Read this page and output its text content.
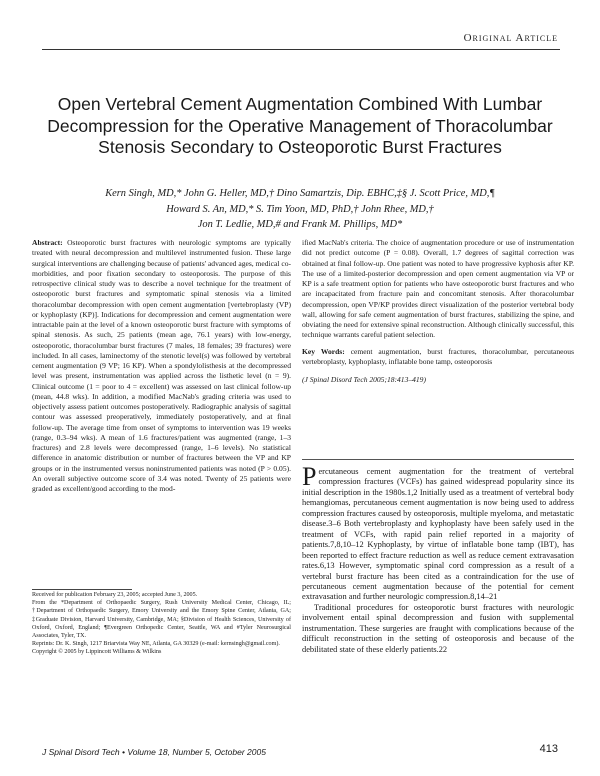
Original Article
Open Vertebral Cement Augmentation Combined With Lumbar Decompression for the Operative Management of Thoracolumbar Stenosis Secondary to Osteoporotic Burst Fractures
Kern Singh, MD,* John G. Heller, MD,† Dino Samartzis, Dip. EBHC,‡§ J. Scott Price, MD,¶
Howard S. An, MD,* S. Tim Yoon, MD, PhD,† John Rhee, MD,†
Jon T. Ledlie, MD,# and Frank M. Phillips, MD*

Abstract: Osteoporotic burst fractures with neurologic symptoms are typically treated with neural decompression and multilevel instrumented fusion. These large surgical interventions are challenging because of patients' advanced ages, medical co-morbidities, and poor fixation secondary to osteoporosis. The purpose of this retrospective clinical study was to describe a novel technique for the treatment of osteoporotic burst fractures and symptomatic spinal stenosis via a limited thoracolumbar decompression with open cement augmentation [vertebroplasty (VP) or kyphoplasty (KP)]. Indications for decompression and cement augmentation were intractable pain at the level of a known osteoporotic burst fracture with symptoms of spinal stenosis. As such, 25 patients (mean age, 76.1 years) with low-energy, osteoporotic, thoracolumbar burst fractures (7 males, 18 females; 39 fractures) were included. In all cases, laminectomy of the stenotic level(s) was followed by vertebral cement augmentation (9 VP; 16 KP). When a spondylolisthesis at the decompressed level was present, instrumentation was applied across the listhetic level (n = 9). Clinical outcome (1 = poor to 4 = excellent) was assessed on last clinical follow-up (mean, 44.8 wks). In addition, a modified MacNab's grading criteria was used to objectively assess patient outcomes postoperatively. Radiographic analysis of sagittal contour was assessed preoperatively, immediately postoperatively, and at final follow-up. The average time from onset of symptoms to intervention was 19 weeks (range, 0.3–94 wks). A mean of 1.6 fractures/patient was augmented (range, 1–3 fractures) and 2.8 levels were decompressed (range, 1–6 levels). No statistical difference in anatomic distribution or number of fractures between the VP and KP groups or in the instrumented versus noninstrumented patients was noted (P > 0.05). An overall subjective outcome score of 3.4 was noted. Twenty of 25 patients were graded as excellent/good according to the mod-

ified MacNab's criteria. The choice of augmentation procedure or use of instrumentation did not predict outcome (P = 0.08). Overall, 1.7 degrees of sagittal correction was obtained at final follow-up. One patient was noted to have progressive kyphosis after KP. The use of a limited-posterior decompression and open cement augmentation via VP or KP is a safe treatment option for patients who have osteoporotic burst fractures and who are incapacitated from fracture pain and concomitant stenosis. After thoracolumbar decompression, open VP/KP provides direct visualization of the posterior vertebral body wall, allowing for safe cement augmentation of burst fractures, stabilizing the spine, and obviating the need for extensive spinal reconstruction. Although clinically successful, this technique warrants careful patient selection.

Key Words: cement augmentation, burst fractures, thoracolumbar, percutaneous vertebroplasty, kyphoplasty, inflatable bone tamp, osteoporosis

(J Spinal Disord Tech 2005;18:413–419)

Percutaneous cement augmentation for the treatment of vertebral compression fractures (VCFs) has gained widespread popularity since its initial description in the 1980s.1,2 Initially used as a treatment of vertebral body hemangiomas, percutaneous cement augmentation is now being used to address compression fractures caused by osteoporosis, multiple myeloma, and metastatic disease.3–6 Both vertebroplasty and kyphoplasty have been safely used in the treatment of VCFs, with rapid pain relief reported in a majority of patients.7,8,10–12 Kyphoplasty, by virtue of inflatable bone tamp (IBT), has been reported to effect fracture reduction as well as reduce cement extravasation rates.6,13 However, symptomatic spinal cord compression as a result of a vertebral burst fracture has been cited as a contraindication for the use of percutaneous cement augmentation because of the potential for cement extravasation and further neurologic compression.8,14–21

Traditional procedures for osteoporotic burst fractures with neurologic involvement entail spinal decompression and fusion with supplemental instrumentation. These surgeries are fraught with complications because of the difficult reconstruction in the setting of osteoporosis and because of the debilitated state of these elderly patients.22

Received for publication February 23, 2005; accepted June 3, 2005.

From the *Department of Orthopaedic Surgery, Rush University Medical Center, Chicago, IL; †Department of Orthopaedic Surgery, Emory University and the Emory Spine Center, Atlanta, GA; ‡Graduate Division, Harvard University, Cambridge, MA; §Division of Health Sciences, University of Oxford, Oxford, England; ¶Evergreen Orthopedic Center, Seattle, WA and #Tyler Neurosurgical Associates, Tyler, TX.

Reprints: Dr. K. Singh, 1217 Briarvista Way NE, Atlanta, GA 30329 (e-mail: kernsingh@gmail.com).

Copyright © 2005 by Lippincott Williams & Wilkins

J Spinal Disord Tech • Volume 18, Number 5, October 2005	413
